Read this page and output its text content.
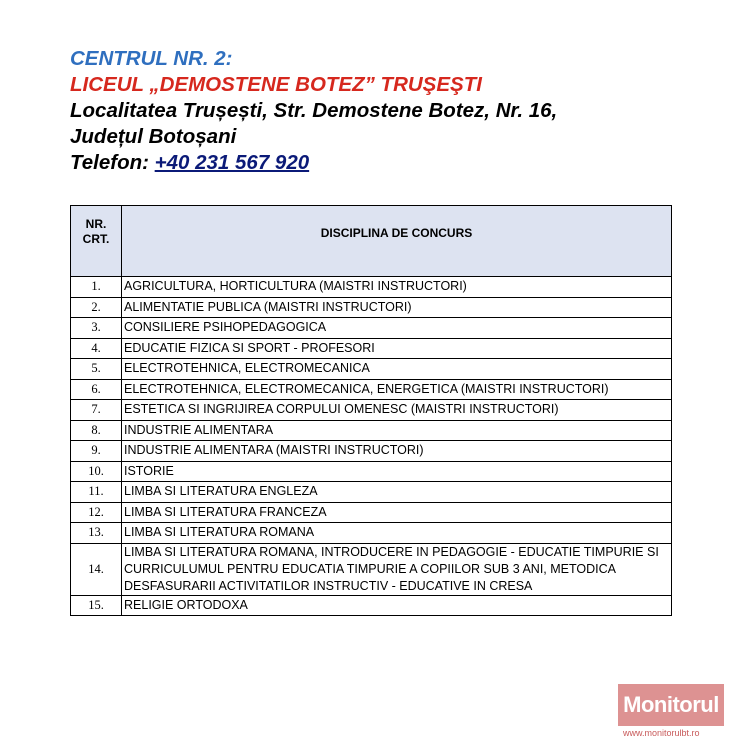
CENTRUL NR. 2:
LICEUL „DEMOSTENE BOTEZ” TRUŞEŞTI
Localitatea Trușești, Str. Demostene Botez, Nr. 16,
Județul Botoșani
Telefon: +40 231 567 920
NR.
CRT.	DISCIPLINA DE CONCURS
1.	AGRICULTURA, HORTICULTURA (MAISTRI INSTRUCTORI)
2.	ALIMENTATIE PUBLICA (MAISTRI INSTRUCTORI)
3.	CONSILIERE PSIHOPEDAGOGICA
4.	EDUCATIE FIZICA SI SPORT - PROFESORI
5.	ELECTROTEHNICA, ELECTROMECANICA
6.	ELECTROTEHNICA, ELECTROMECANICA, ENERGETICA (MAISTRI INSTRUCTORI)
7.	ESTETICA SI INGRIJIREA CORPULUI OMENESC (MAISTRI INSTRUCTORI)
8.	INDUSTRIE ALIMENTARA
9.	INDUSTRIE ALIMENTARA (MAISTRI INSTRUCTORI)
10.	ISTORIE
11.	LIMBA SI LITERATURA ENGLEZA
12.	LIMBA SI LITERATURA FRANCEZA
13.	LIMBA SI LITERATURA ROMANA
14.	LIMBA SI LITERATURA ROMANA, INTRODUCERE IN PEDAGOGIE - EDUCATIE TIMPURIE SI CURRICULUMUL PENTRU EDUCATIA TIMPURIE A COPIILOR SUB 3 ANI, METODICA DESFASURARII ACTIVITATILOR INSTRUCTIV - EDUCATIVE IN CRESA
15.	RELIGIE ORTODOXA
Monitorul
www.monitorulbt.ro
